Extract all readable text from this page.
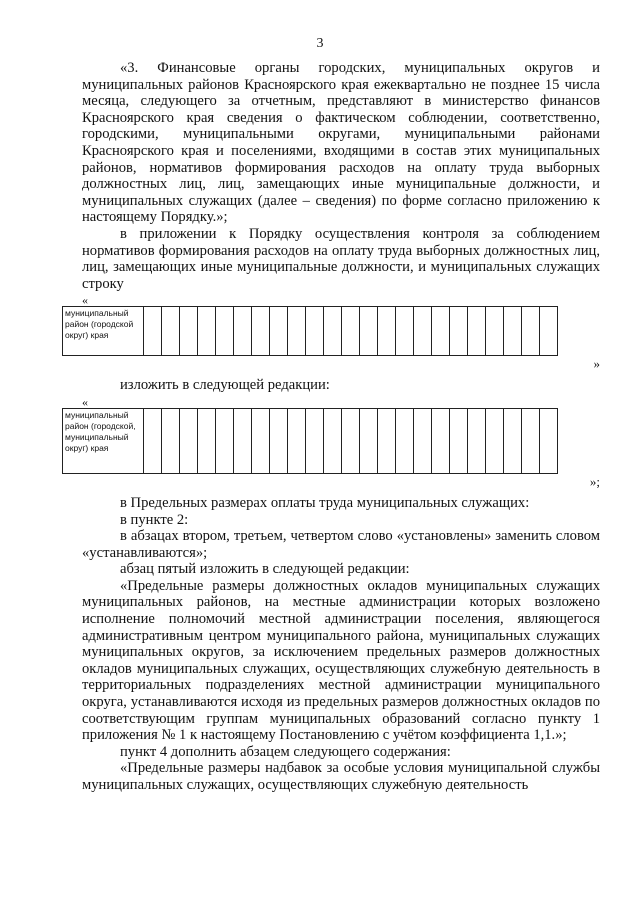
3

«3. Финансовые органы городских, муниципальных округов и муниципальных районов Красноярского края ежеквартально не позднее 15 числа месяца, следующего за отчетным, представляют в министерство финансов Красноярского края сведения о фактическом соблюдении, соответственно, городскими, муниципальными округами, муниципальными районами Красноярского края и поселениями, входящими в состав этих муниципальных районов, нормативов формирования расходов на оплату труда выборных должностных лиц, лиц, замещающих иные муниципальные должности, и муниципальных служащих (далее – сведения) по форме согласно приложению к настоящему Порядку.»;

в приложении к Порядку осуществления контроля за соблюдением нормативов формирования расходов на оплату труда выборных должностных лиц, лиц, замещающих иные муниципальные должности, и муниципальных служащих строку

«
муниципальный район (городской округ) края																							
»

изложить в следующей редакции:

«
муниципальный район (городской, муниципальный округ) края																							
»;

в Предельных размерах оплаты труда муниципальных служащих:

в пункте 2:

в абзацах втором, третьем, четвертом слово «установлены» заменить словом «устанавливаются»;

абзац пятый изложить в следующей редакции:

«Предельные размеры должностных окладов муниципальных служащих муниципальных районов, на местные администрации которых возложено исполнение полномочий местной администрации поселения, являющегося административным центром муниципального района, муниципальных служащих муниципальных округов, за исключением предельных размеров должностных окладов муниципальных служащих, осуществляющих служебную деятельность в территориальных подразделениях местной администрации муниципального округа, устанавливаются исходя из предельных размеров должностных окладов по соответствующим группам муниципальных образований согласно пункту 1 приложения № 1 к настоящему Постановлению с учётом коэффициента 1,1.»;

пункт 4 дополнить абзацем следующего содержания:

«Предельные размеры надбавок за особые условия муниципальной службы муниципальных служащих, осуществляющих служебную деятельность
